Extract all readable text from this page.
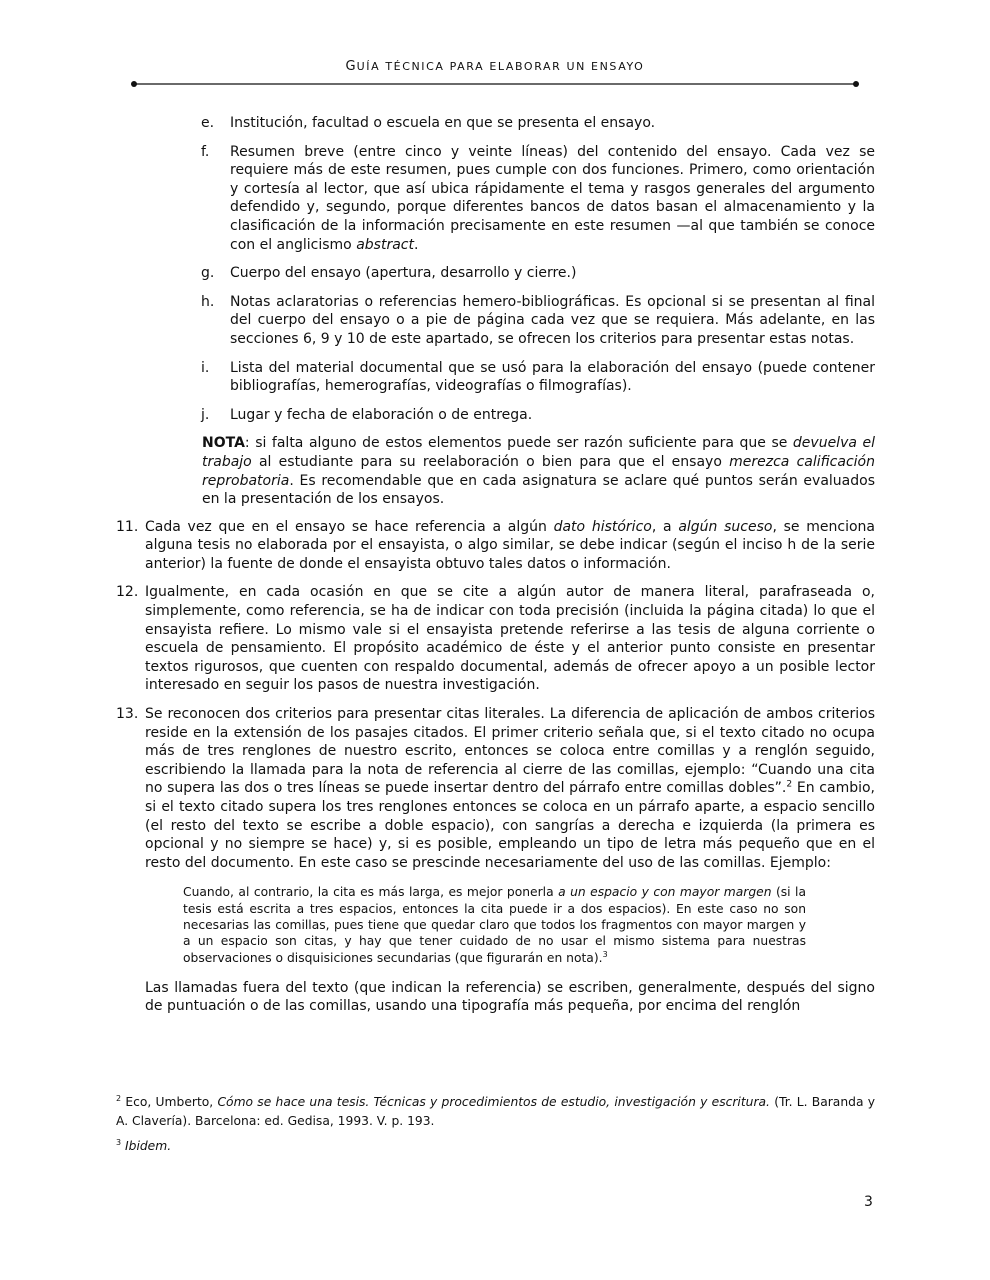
GUÍA TÉCNICA PARA ELABORAR UN ENSAYO
e. Institución, facultad o escuela en que se presenta el ensayo.
f. Resumen breve (entre cinco y veinte líneas) del contenido del ensayo. Cada vez se requiere más de este resumen, pues cumple con dos funciones. Primero, como orientación y cortesía al lector, que así ubica rápidamente el tema y rasgos generales del argumento defendido y, segundo, porque diferentes bancos de datos basan el almacenamiento y la clasificación de la información precisamente en este resumen —al que también se conoce con el anglicismo abstract.
g. Cuerpo del ensayo (apertura, desarrollo y cierre.)
h. Notas aclaratorias o referencias hemero-bibliográficas. Es opcional si se presentan al final del cuerpo del ensayo o a pie de página cada vez que se requiera. Más adelante, en las secciones 6, 9 y 10 de este apartado, se ofrecen los criterios para presentar estas notas.
i. Lista del material documental que se usó para la elaboración del ensayo (puede contener bibliografías, hemerografías, videografías o filmografías).
j. Lugar y fecha de elaboración o de entrega.
NOTA: si falta alguno de estos elementos puede ser razón suficiente para que se devuelva el trabajo al estudiante para su reelaboración o bien para que el ensayo merezca calificación reprobatoria. Es recomendable que en cada asignatura se aclare qué puntos serán evaluados en la presentación de los ensayos.
11. Cada vez que en el ensayo se hace referencia a algún dato histórico, a algún suceso, se menciona alguna tesis no elaborada por el ensayista, o algo similar, se debe indicar (según el inciso h de la serie anterior) la fuente de donde el ensayista obtuvo tales datos o información.
12. Igualmente, en cada ocasión en que se cite a algún autor de manera literal, parafraseada o, simplemente, como referencia, se ha de indicar con toda precisión (incluida la página citada) lo que el ensayista refiere. Lo mismo vale si el ensayista pretende referirse a las tesis de alguna corriente o escuela de pensamiento. El propósito académico de éste y el anterior punto consiste en presentar textos rigurosos, que cuenten con respaldo documental, además de ofrecer apoyo a un posible lector interesado en seguir los pasos de nuestra investigación.
13. Se reconocen dos criterios para presentar citas literales. La diferencia de aplicación de ambos criterios reside en la extensión de los pasajes citados. El primer criterio señala que, si el texto citado no ocupa más de tres renglones de nuestro escrito, entonces se coloca entre comillas y a renglón seguido, escribiendo la llamada para la nota de referencia al cierre de las comillas, ejemplo: “Cuando una cita no supera las dos o tres líneas se puede insertar dentro del párrafo entre comillas dobles”.$^2$ En cambio, si el texto citado supera los tres renglones entonces se coloca en un párrafo aparte, a espacio sencillo (el resto del texto se escribe a doble espacio), con sangrías a derecha e izquierda (la primera es opcional y no siempre se hace) y, si es posible, empleando un tipo de letra más pequeño que en el resto del documento. En este caso se prescinde necesariamente del uso de las comillas. Ejemplo:
Cuando, al contrario, la cita es más larga, es mejor ponerla a un espacio y con mayor margen (si la tesis está escrita a tres espacios, entonces la cita puede ir a dos espacios). En este caso no son necesarias las comillas, pues tiene que quedar claro que todos los fragmentos con mayor margen y a un espacio son citas, y hay que tener cuidado de no usar el mismo sistema para nuestras observaciones o disquisiciones secundarias (que figurarán en nota).$^3$
Las llamadas fuera del texto (que indican la referencia) se escriben, generalmente, después del signo de puntuación o de las comillas, usando una tipografía más pequeña, por encima del renglón
$^2$ Eco, Umberto, Cómo se hace una tesis. Técnicas y procedimientos de estudio, investigación y escritura. (Tr. L. Baranda y A. Clavería). Barcelona: ed. Gedisa, 1993. V. p. 193.
$^3$ Ibidem.
3
